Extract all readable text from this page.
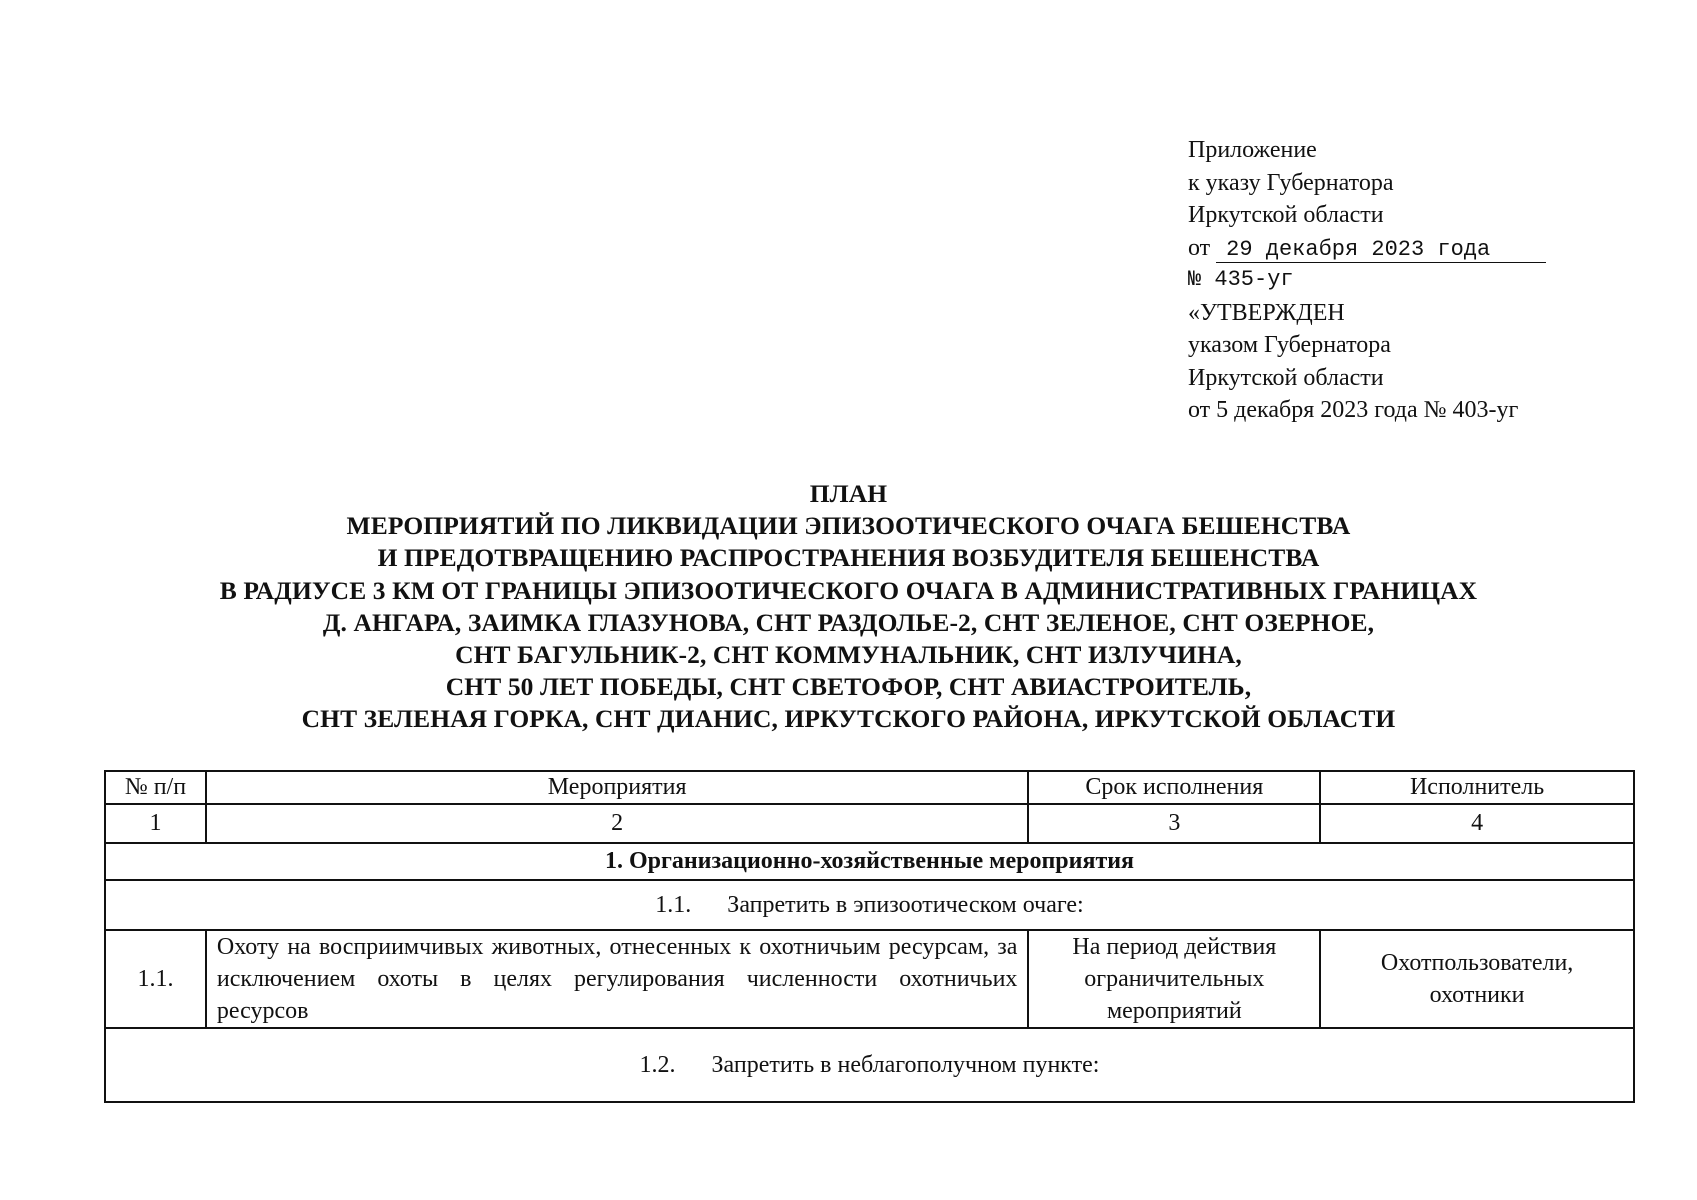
Приложение
к указу Губернатора
Иркутской области
от 29 декабря 2023 года
№ 435-уг
«УТВЕРЖДЕН
указом Губернатора
Иркутской области
от 5 декабря 2023 года № 403-уг
ПЛАН
МЕРОПРИЯТИЙ ПО ЛИКВИДАЦИИ ЭПИЗООТИЧЕСКОГО ОЧАГА БЕШЕНСТВА
И ПРЕДОТВРАЩЕНИЮ РАСПРОСТРАНЕНИЯ ВОЗБУДИТЕЛЯ БЕШЕНСТВА
В РАДИУСЕ 3 КМ ОТ ГРАНИЦЫ ЭПИЗООТИЧЕСКОГО ОЧАГА В АДМИНИСТРАТИВНЫХ ГРАНИЦАХ
Д. АНГАРА, ЗАИМКА ГЛАЗУНОВА, СНТ РАЗДОЛЬЕ-2, СНТ ЗЕЛЕНОЕ, СНТ ОЗЕРНОЕ,
СНТ БАГУЛЬНИК-2, СНТ КОММУНАЛЬНИК, СНТ ИЗЛУЧИНА,
СНТ 50 ЛЕТ ПОБЕДЫ, СНТ СВЕТОФОР, СНТ АВИАСТРОИТЕЛЬ,
СНТ ЗЕЛЕНАЯ ГОРКА, СНТ ДИАНИС, ИРКУТСКОГО РАЙОНА, ИРКУТСКОЙ ОБЛАСТИ
№ п/п	Мероприятия	Срок исполнения	Исполнитель
1	2	3	4
1. Организационно-хозяйственные мероприятия			
1.1. Запретить в эпизоотическом очаге:			
1.1.	Охоту на восприимчивых животных, отнесенных к охотничьим ресурсам, за исключением охоты в целях регулирования численности охотничьих ресурсов	На период действия ограничительных мероприятий	Охотпользователи, охотники
1.2. Запретить в неблагополучном пункте:			
